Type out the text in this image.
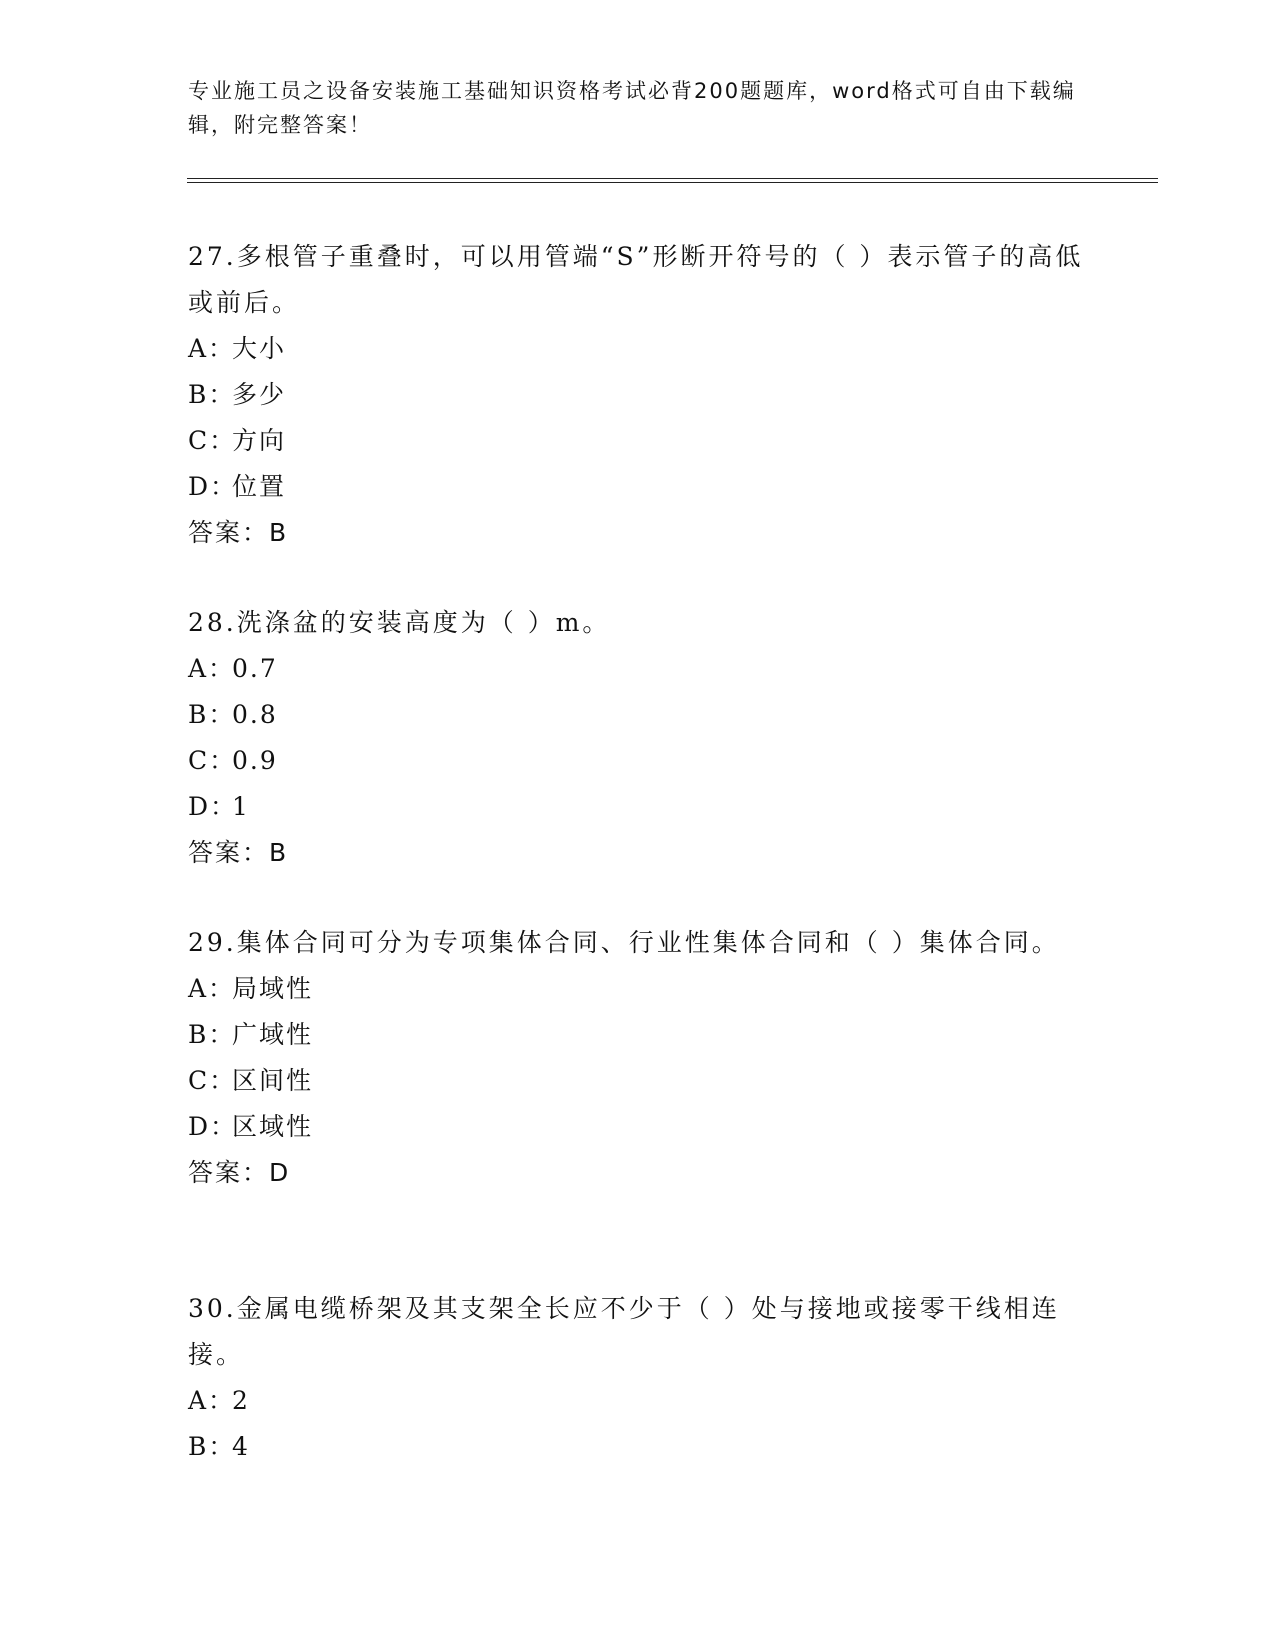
专业施工员之设备安装施工基础知识资格考试必背200题题库，word格式可自由下载编辑，附完整答案！

27.多根管子重叠时，可以用管端“S”形断开符号的（ ）表示管子的高低或前后。

A：大小
B：多少
C：方向
D：位置
答案：B

28.洗涤盆的安装高度为（ ）m。

A：0.7
B：0.8
C：0.9
D：1
答案：B

29.集体合同可分为专项集体合同、行业性集体合同和（ ）集体合同。

A：局域性
B：广域性
C：区间性
D：区域性
答案：D

30.金属电缆桥架及其支架全长应不少于（ ）处与接地或接零干线相连接。

A：2
B：4
